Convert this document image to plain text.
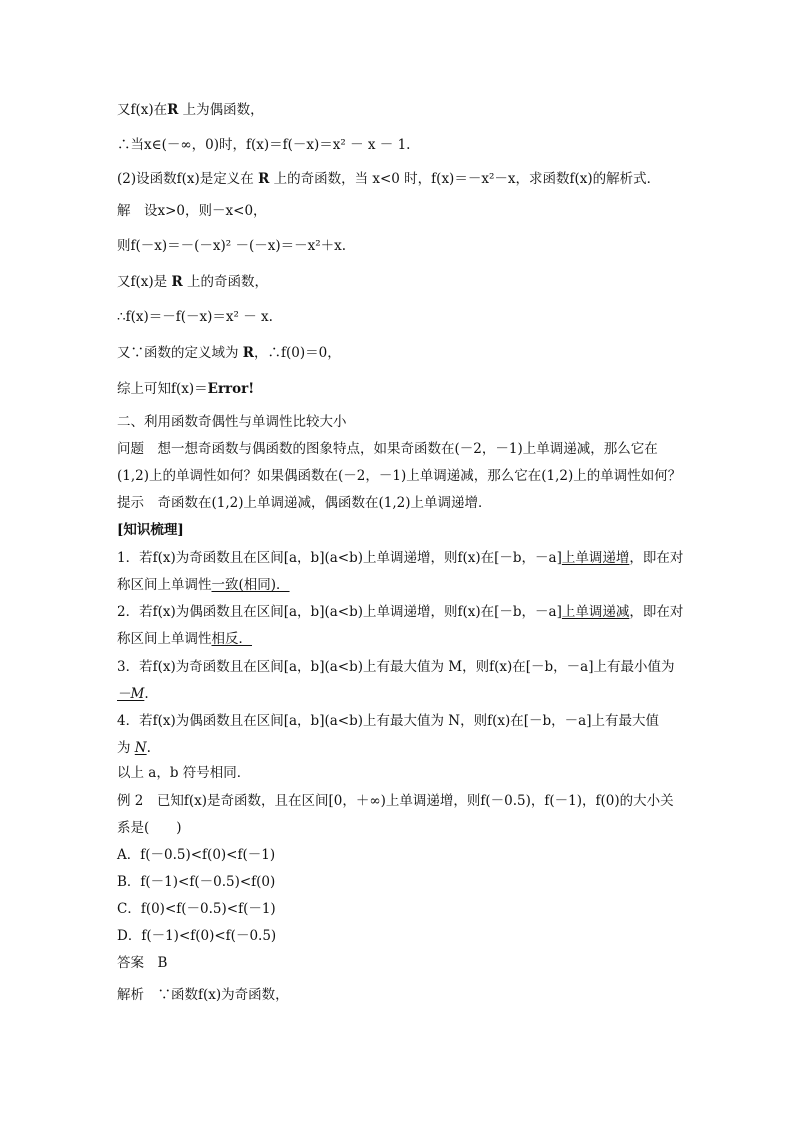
又f(x)在R 上为偶函数，
∴当x∈(－∞，0)时，f(x)＝f(－x)＝x² － x － 1.
(2)设函数f(x)是定义在 R 上的奇函数，当 x<0 时，f(x)＝－x²－x，求函数f(x)的解析式．
解　设x>0，则－x<0，
则f(－x)＝－(－x)² －(－x)＝－x²＋x.
又f(x)是 R 上的奇函数，
∴f(x)＝－f(－x)＝x² － x.
又∵函数的定义域为 R，∴f(0)＝0，
综上可知f(x)＝Error!
二、利用函数奇偶性与单调性比较大小
问题　想一想奇函数与偶函数的图象特点，如果奇函数在(－2，－1)上单调递减，那么它在
(1,2)上的单调性如何？如果偶函数在(－2，－1)上单调递减，那么它在(1,2)上的单调性如何？
提示　奇函数在(1,2)上单调递减，偶函数在(1,2)上单调递增．
[知识梳理]
1．若f(x)为奇函数且在区间[a，b](a<b)上单调递增，则f(x)在[－b，－a]上单调递增，即在对
称区间上单调性一致(相同)．
2．若f(x)为偶函数且在区间[a，b](a<b)上单调递增，则f(x)在[－b，－a]上单调递减，即在对
称区间上单调性相反．
3．若f(x)为奇函数且在区间[a，b](a<b)上有最大值为 M，则f(x)在[－b，－a]上有最小值为
－M.
4．若f(x)为偶函数且在区间[a，b](a<b)上有最大值为 N，则f(x)在[－b，－a]上有最大值
为 N.
以上 a，b 符号相同．
例 2　已知f(x)是奇函数，且在区间[0，＋∞)上单调递增，则f(－0.5)，f(－1)，f(0)的大小关
系是(　　)
A．f(－0.5)<f(0)<f(－1)
B．f(－1)<f(－0.5)<f(0)
C．f(0)<f(－0.5)<f(－1)
D．f(－1)<f(0)<f(－0.5)
答案　B
解析　∵函数f(x)为奇函数，
